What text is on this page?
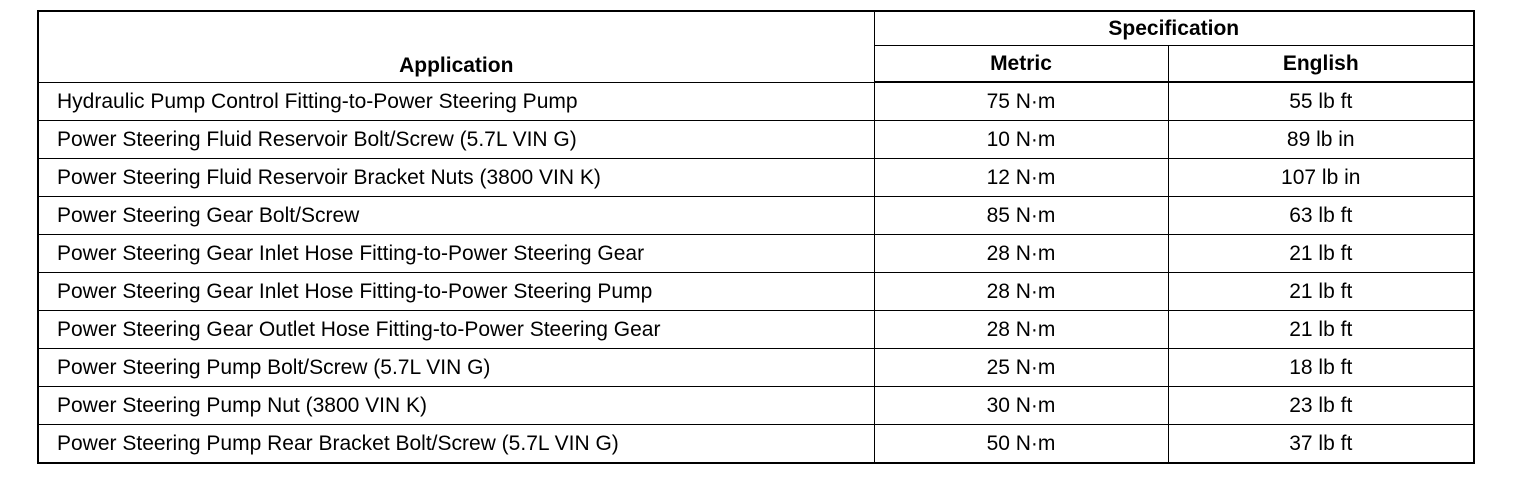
Application	Specification	
	Metric	English
Hydraulic Pump Control Fitting-to-Power Steering Pump	75 N·m	55 lb ft
Power Steering Fluid Reservoir Bolt/Screw (5.7L VIN G)	10 N·m	89 lb in
Power Steering Fluid Reservoir Bracket Nuts (3800 VIN K)	12 N·m	107 lb in
Power Steering Gear Bolt/Screw	85 N·m	63 lb ft
Power Steering Gear Inlet Hose Fitting-to-Power Steering Gear	28 N·m	21 lb ft
Power Steering Gear Inlet Hose Fitting-to-Power Steering Pump	28 N·m	21 lb ft
Power Steering Gear Outlet Hose Fitting-to-Power Steering Gear	28 N·m	21 lb ft
Power Steering Pump Bolt/Screw (5.7L VIN G)	25 N·m	18 lb ft
Power Steering Pump Nut (3800 VIN K)	30 N·m	23 lb ft
Power Steering Pump Rear Bracket Bolt/Screw (5.7L VIN G)	50 N·m	37 lb ft
